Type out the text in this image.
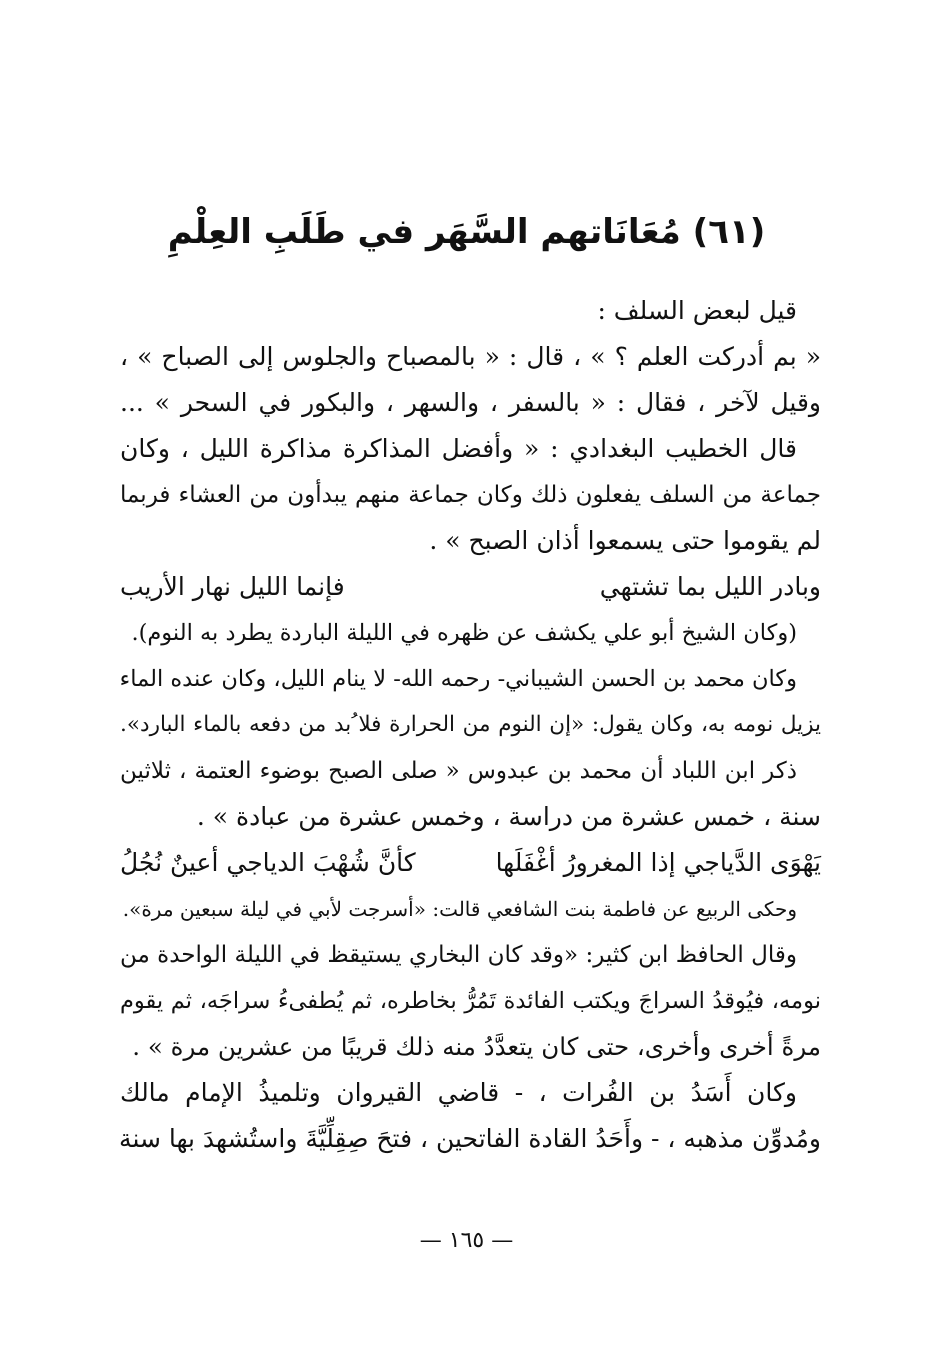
(٦١) مُعَانَاتهم السَّهَر في طَلَبِ العِلْمِ
قيل لبعض السلف :
« بم أدركت العلم ؟ » ، قال : « بالمصباح والجلوس إلى الصباح » ،
وقيل لآخر ، فقال : « بالسفر ، والسهر ، والبكور في السحر » ...
قال الخطيب البغدادي : « وأفضل المذاكرة مذاكرة الليل ، وكان
جماعة من السلف يفعلون ذلك وكان جماعة منهم يبدأون من العشاء فربما
لم يقوموا حتى يسمعوا أذان الصبح » .
وبادر الليل بما تشتهي
فإنما الليل نهار الأريب
(وكان الشيخ أبو علي يكشف عن ظهره في الليلة الباردة يطرد به النوم).
وكان محمد بن الحسن الشيباني- رحمه الله- لا ينام الليل، وكان عنده الماء
يزيل نومه به، وكان يقول: «إن النوم من الحرارة فلا ُبد من دفعه بالماء البارد».
ذكر ابن اللباد أن محمد بن عبدوس « صلى الصبح بوضوء العتمة ، ثلاثين
سنة ، خمس عشرة من دراسة ، وخمس عشرة من عبادة » .
يَهْوَى الدَّياجي إذا المغرورُ أغْفَلَها
كأنَّ شُهْبَ الدياجي أعينٌ نُجُلُ
وحكى الربيع عن فاطمة بنت الشافعي قالت: «أسرجت لأبي في ليلة سبعين مرة».
وقال الحافظ ابن كثير: «وقد كان البخاري يستيقظ في الليلة الواحدة من
نومه، فيُوقدُ السراجَ ويكتب الفائدة تَمُرُّ بخاطره، ثم يُطفىءُ سراجَه، ثم يقوم
مرةً أخرى وأخرى، حتى كان يتعدَّدُ منه ذلك قريبًا من عشرين مرة » .
وكان أَسَدُ بن الفُرات ، - قاضي القيروان وتلميذُ الإمام مالك
ومُدوِّن مذهبه ، - وأَحَدُ القادة الفاتحين ، فتحَ صِقِلِّيَّةَ واستُشهدَ بها سنة
— ١٦٥ —
